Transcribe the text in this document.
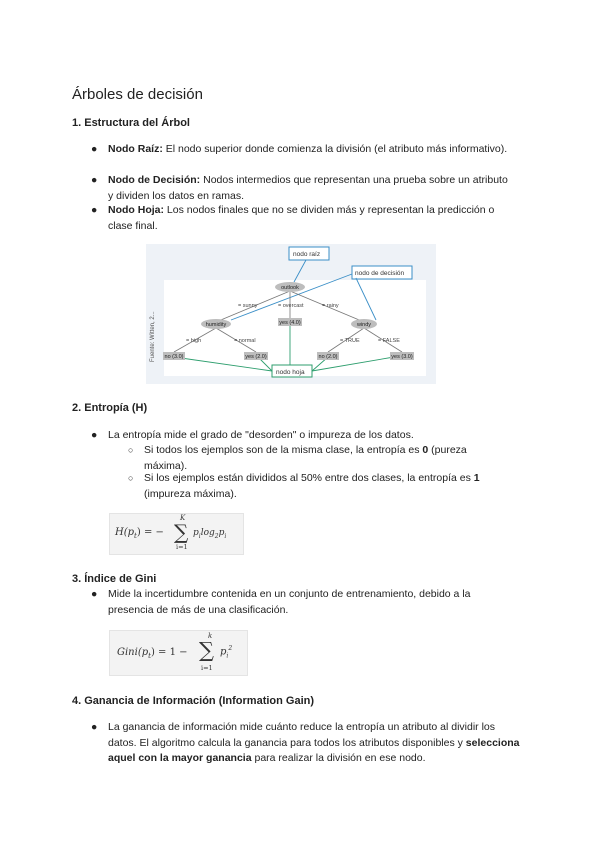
Árboles de decisión
1. Estructura del Árbol
● Nodo Raíz: El nodo superior donde comienza la división (el atributo más informativo).
● Nodo de Decisión: Nodos intermedios que representan una prueba sobre un atributo y dividen los datos en ramas.
● Nodo Hoja: Los nodos finales que no se dividen más y representan la predicción o clase final.
Fuente: Witten, 2...
nodo raíz
nodo de decisión
nodo hoja
= sunny	= overcast	= rainy
= high	= normal	= TRUE	= FALSE
outlook
humidity	yes (4.0)	windy
no (3.0)	yes (2.0)	no (2.0)	yes (3.0)
2. Entropía (H)
● La entropía mide el grado de "desorden" o impureza de los datos.
○ Si todos los ejemplos son de la misma clase, la entropía es 0 (pureza máxima).
○ Si los ejemplos están divididos al 50% entre dos clases, la entropía es 1 (impureza máxima).
$H(p_t)$ = −
K
∑
i=1
$p_i\log_2p_i$
3. Índice de Gini
● Mide la incertidumbre contenida en un conjunto de entrenamiento, debido a la presencia de más de una clasificación.
$Gini(p_t) = 1$ −
k
∑
i=1
$p_i^2$
4. Ganancia de Información (Information Gain)
● La ganancia de información mide cuánto reduce la entropía un atributo al dividir los datos. El algoritmo calcula la ganancia para todos los atributos disponibles y selecciona aquel con la mayor ganancia para realizar la división en ese nodo.
